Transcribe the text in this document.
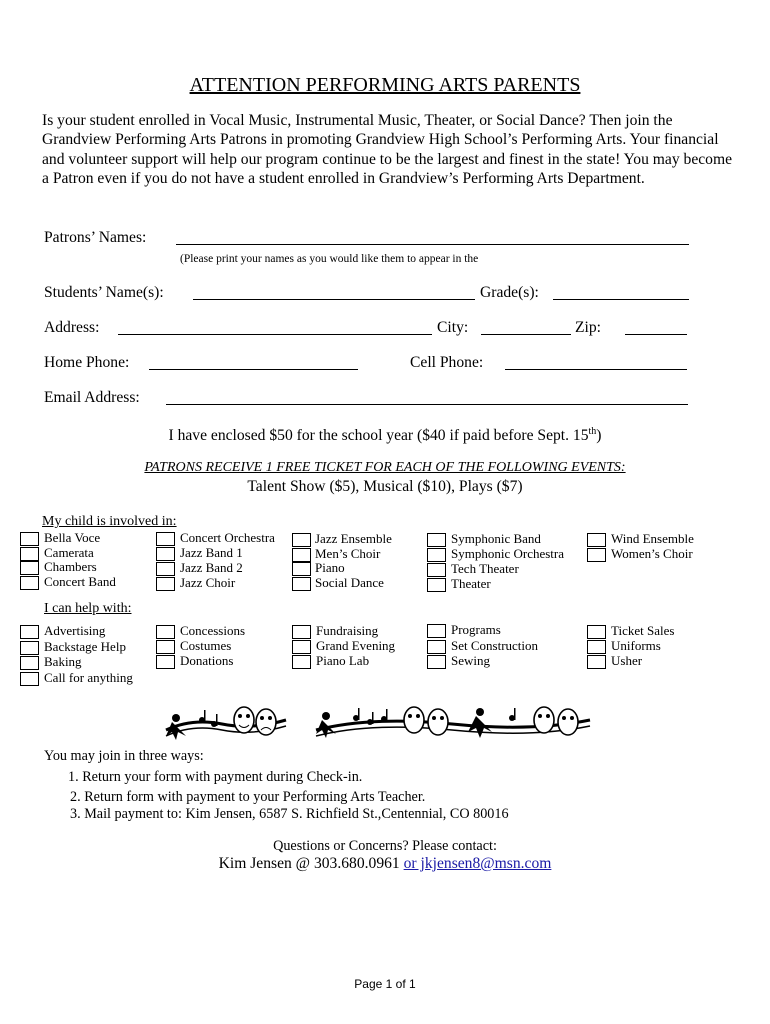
ATTENTION PERFORMING ARTS PARENTS
Is your student enrolled in Vocal Music, Instrumental Music, Theater, or Social Dance? Then join the Grandview Performing Arts Patrons in promoting Grandview High School’s Performing Arts. Your financial and volunteer support will help our program continue to be the largest and finest in the state! You may become a Patron even if you do not have a student enrolled in Grandview’s Performing Arts Department.
Patrons’ Names:
(Please print your names as you would like them to appear in the
Students’ Name(s):	Grade(s):
Address:	City:	Zip:
Home Phone:	Cell Phone:
Email Address:
I have enclosed $50 for the school year ($40 if paid before Sept. 15th)
PATRONS RECEIVE 1 FREE TICKET FOR EACH OF THE FOLLOWING EVENTS:
Talent Show ($5), Musical ($10), Plays ($7)
My child is involved in:
Bella Voce
Camerata
Chambers
Concert Band
Concert Orchestra
Jazz Band 1
Jazz Band 2
Jazz Choir
Jazz Ensemble
Men’s Choir
Piano
Social Dance
Symphonic Band
Symphonic Orchestra
Tech Theater
Theater
Wind Ensemble
Women’s Choir
I can help with:
Advertising
Backstage Help
Baking
Call for anything
Concessions
Costumes
Donations
Fundraising
Grand Evening
Piano Lab
Programs
Set Construction
Sewing
Ticket Sales
Uniforms
Usher
You may join in three ways:
1. Return your form with payment during Check-in.
2. Return form with payment to your Performing Arts Teacher.
3. Mail payment to: Kim Jensen, 6587 S. Richfield St.,Centennial, CO 80016
Questions or Concerns? Please contact:
Kim Jensen @ 303.680.0961 or jkjensen8@msn.com
Page 1 of 1
